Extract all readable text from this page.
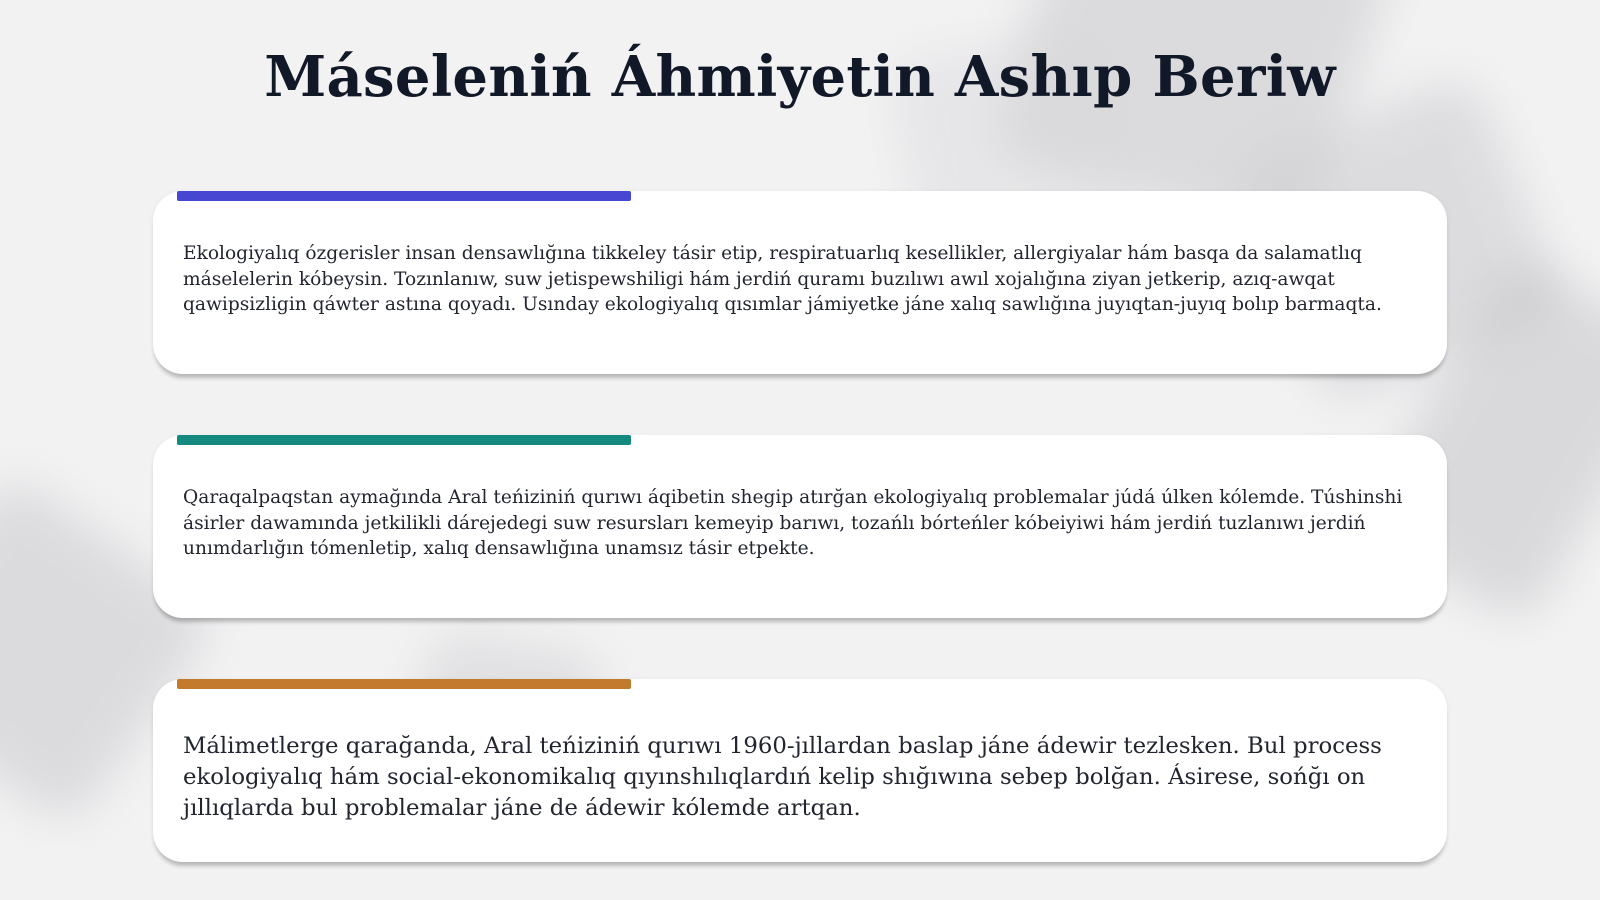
Máseleniń Áhmiyetin Ashıp Beriw
Ekologiyalıq ózgerisler insan densawlığına tikkeley tásir etip, respiratuarlıq kesellikler, allergiyalar hám basqa da salamatlıq máselelerin kóbeysin. Tozınlanıw, suw jetispewshiligi hám jerdiń quramı buzılıwı awıl xojalığına ziyan jetkerip, azıq-awqat qawipsizligin qáwter astına qoyadı. Usınday ekologiyalıq qısımlar jámiyetke jáne xalıq sawlığına juyıqtan-juyıq bolıp barmaqta.
Qaraqalpaqstan aymağında Aral teńiziniń qurıwı áqibetin shegip atırğan ekologiyalıq problemalar júdá úlken kólemde. Túshinshi ásirler dawamında jetkilikli dárejedegi suw resursları kemeyip barıwı, tozańlı bórteńler kóbeiyiwi hám jerdiń tuzlanıwı jerdiń unımdarlığın tómenletip, xalıq densawlığına unamsız tásir etpekte.
Málimetlerge qarağanda, Aral teńiziniń qurıwı 1960-jıllardan baslap jáne ádewir tezlesken. Bul process ekologiyalıq hám social-ekonomikalıq qıyınshılıqlardıń kelip shığıwına sebep bolğan. Ásirese, sońğı on jıllıqlarda bul problemalar jáne de ádewir kólemde artqan.
